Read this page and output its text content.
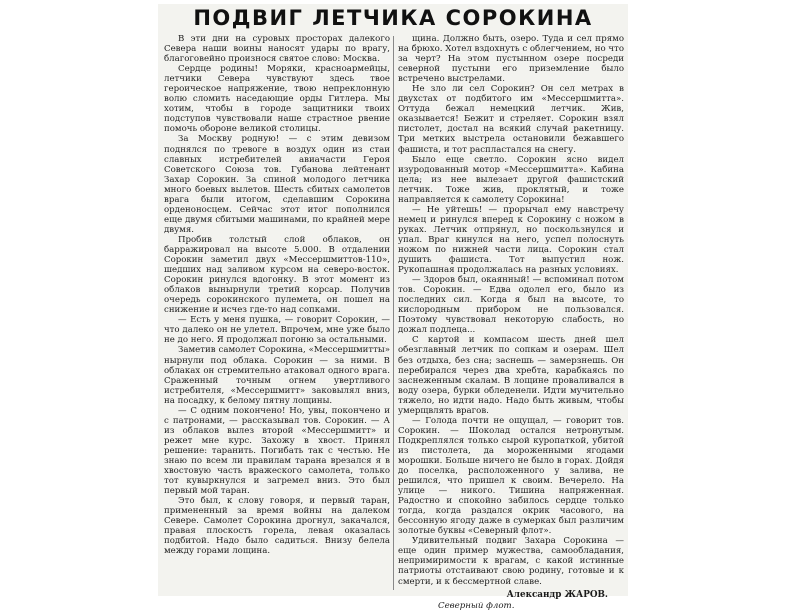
ПОДВИГ ЛЕТЧИКА СОРОКИНА

В эти дни на суровых просторах далекого Севера наши воины наносят удары по врагу, благоговейно произнося святое слово: Москва.

Сердце родины! Моряки, красноармейцы, летчики Севера чувствуют здесь твое героическое напряжение, твою непреклонную волю сломить наседающие орды Гитлера. Мы хотим, чтобы в городе защитники твоих подступов чувствовали наше страстное рвение помочь обороне великой столицы.

За Москву родную! — с этим девизом поднялся по тревоге в воздух один из стаи славных истребителей авиачасти Героя Советского Союза тов. Губанова лейтенант Захар Сорокин. За спиной молодого летчика много боевых вылетов. Шесть сбитых самолетов врага были итогом, сделавшим Сорокина орденоносцем. Сейчас этот итог пополнился еще двумя сбитыми машинами, по крайней мере двумя.

Пробив толстый слой облаков, он барражировал на высоте 5.000. В отдалении Сорокин заметил двух «Мессершмиттов-110», шедших над заливом курсом на северо-восток. Сорокин ринулся вдогонку. В этот момент из облаков вынырнули третий корсар. Получив очередь сорокинского пулемета, он пошел на снижение и исчез где-то над сопками.

— Есть у меня пушка, — говорит Сорокин, — что далеко он не улетел. Впрочем, мне уже было не до него. Я продолжал погоню за остальными.

Заметив самолет Сорокина, «Мессершмитты» нырнули под облака. Сорокин — за ними. В облаках он стремительно атаковал одного врага. Сраженный точным огнем увертливого истребителя, «Мессершмитт» заковылял вниз, на посадку, к белому пятну лощины.

— С одним покончено! Но, увы, покончено и с патронами, — рассказывал тов. Сорокин. — А из облаков вылез второй «Мессершмитт» и режет мне курс. Захожу в хвост. Принял решение: таранить. Погибать так с честью. Не знаю по всем ли правилам тарана врезался я в хвостовую часть вражеского самолета, только тот кувыркнулся и загремел вниз. Это был первый мой таран.

Это был, к слову говоря, и первый таран, примененный за время войны на далеком Севере. Самолет Сорокина дрогнул, закачался, правая плоскость горела, левая оказалась подбитой. Надо было садиться. Внизу белела между горами лощина.

щина. Должно быть, озеро. Туда и сел прямо на брюхо. Хотел вздохнуть с облегчением, но что за черт? На этом пустынном озере посреди северной пустыни его приземление было встречено выстрелами.

Не зло ли сел Сорокин? Он сел метрах в двухстах от подбитого им «Мессершмитта». Оттуда бежал немецкий летчик. Жив, оказывается! Бежит и стреляет. Сорокин взял пистолет, достал на всякий случай ракетницу. Три метких выстрела остановили бежавшего фашиста, и тот распластался на снегу.

Было еще светло. Сорокин ясно видел изуродованный мотор «Мессершмитта». Кабина цела; из нее вылезает другой фашистский летчик. Тоже жив, проклятый, и тоже направляется к самолету Сорокина!

— Не уйтешь! — прорычал ему навстречу немец и ринулся вперед к Сорокину с ножом в руках. Летчик отпрянул, но поскользнулся и упал. Враг кинулся на него, успел полоснуть ножом по нижней части лица. Сорокин стал душить фашиста. Тот выпустил нож. Рукопашная продолжалась на разных условиях.

— Здоров был, окаянный! — вспоминал потом тов. Сорокин. — Едва одолел его, было из последних сил. Когда я был на высоте, то кислородным прибором не пользовался. Поэтому чувствовал некоторую слабость, но дожал подлеца...

С картой и компасом шесть дней шел обезглавный летчик по сопкам и озерам. Шел без отдыха, без сна; заснешь — замерзнешь. Он перебирался через два хребта, карабкаясь по заснеженным скалам. В лощине проваливался в воду озера, бурки обледенели. Идти мучительно тяжело, но идти надо. Надо быть живым, чтобы умерщвлять врагов.

— Голода почти не ощущал, — говорит тов. Сорокин. — Шоколад остался нетронутым. Подкреплялся только сырой куропаткой, убитой из пистолета, да мороженными ягодами морошки. Больше ничего не было в горах. Дойдя до поселка, расположенного у залива, не решился, что пришел к своим. Вечерело. На улице — никого. Тишина напряженная. Радостно и спокойно забилось сердце только тогда, когда раздался окрик часового, на бессонную ягоду даже в сумерках был различим золотые буквы «Северный флот».

Удивительный подвиг Захара Сорокина — еще один пример мужества, самообладания, непримиримости к врагам, с какой истинные патриоты отстаивают свою родину, готовые и к смерти, и к бессмертной славе.

Александр ЖАРОВ.
Северный флот.
